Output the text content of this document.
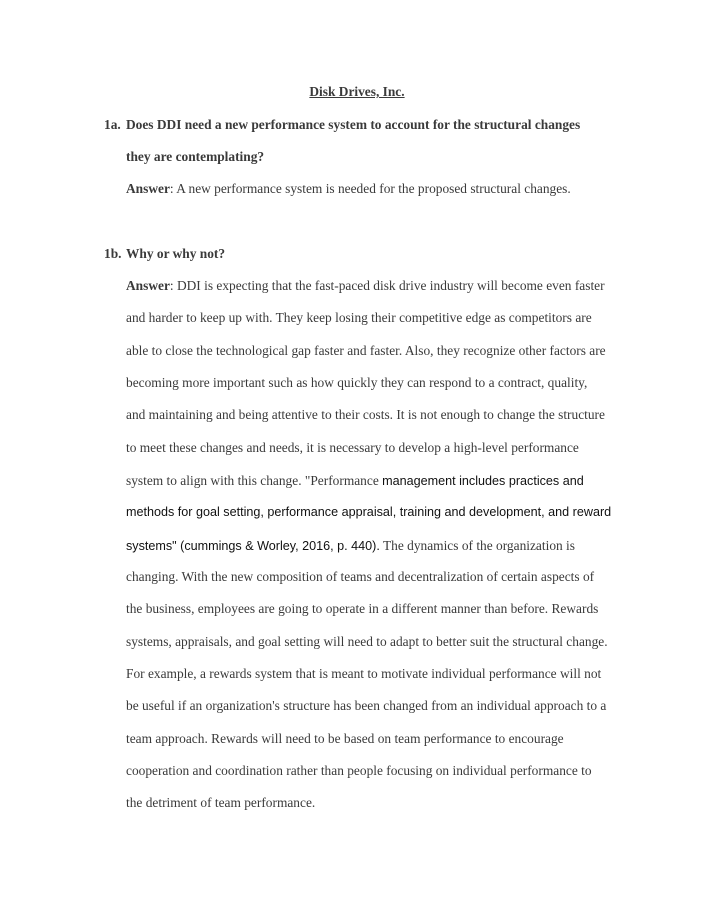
Disk Drives, Inc.
1a. Does DDI need a new performance system to account for the structural changes
they are contemplating?
Answer: A new performance system is needed for the proposed structural changes.
1b. Why or why not?
Answer: DDI is expecting that the fast-paced disk drive industry will become even faster
and harder to keep up with. They keep losing their competitive edge as competitors are
able to close the technological gap faster and faster. Also, they recognize other factors are
becoming more important such as how quickly they can respond to a contract, quality,
and maintaining and being attentive to their costs. It is not enough to change the structure
to meet these changes and needs, it is necessary to develop a high-level performance
system to align with this change. "Performance management includes practices and
methods for goal setting, performance appraisal, training and development, and reward
systems" (cummings & Worley, 2016, p. 440). The dynamics of the organization is
changing. With the new composition of teams and decentralization of certain aspects of
the business, employees are going to operate in a different manner than before. Rewards
systems, appraisals, and goal setting will need to adapt to better suit the structural change.
For example, a rewards system that is meant to motivate individual performance will not
be useful if an organization's structure has been changed from an individual approach to a
team approach. Rewards will need to be based on team performance to encourage
cooperation and coordination rather than people focusing on individual performance to
the detriment of team performance.
